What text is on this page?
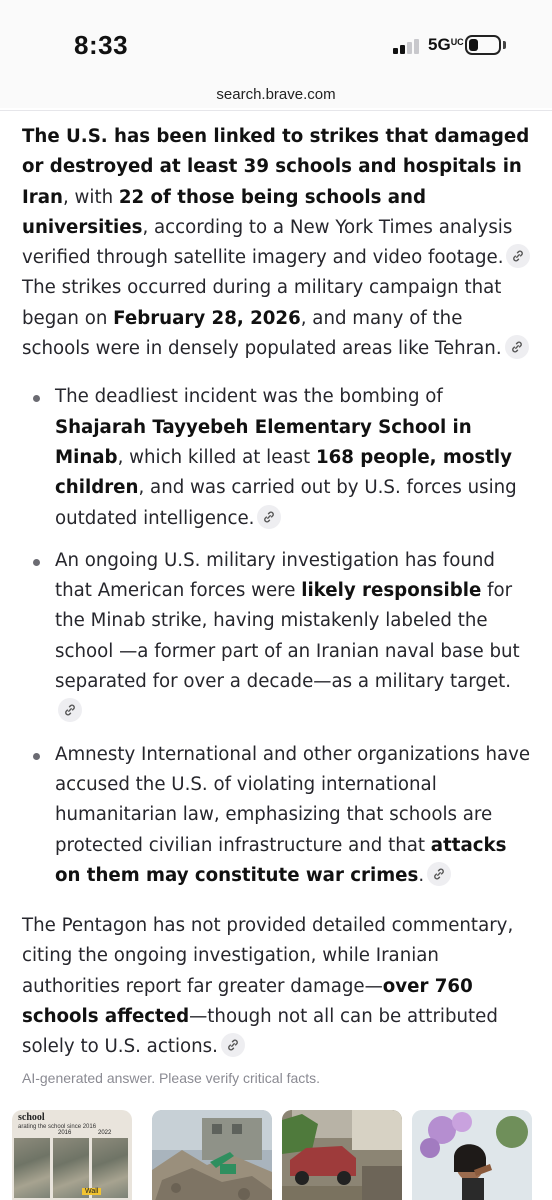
8:33	$5G^{UC}$
search.brave.com

The U.S. has been linked to strikes that damaged or destroyed at least 39 schools and hospitals in Iran, with 22 of those being schools and universities, according to a New York Times analysis verified through satellite imagery and video footage.
The strikes occurred during a military campaign that began on February 28, 2026, and many of the schools were in densely populated areas like Tehran.

The deadliest incident was the bombing of Shajarah Tayyebeh Elementary School in Minab, which killed at least 168 people, mostly children, and was carried out by U.S. forces using outdated intelligence.
An ongoing U.S. military investigation has found that American forces were likely responsible for the Minab strike, having mistakenly labeled the school —a former part of an Iranian naval base but separated for over a decade—as a military target.
Amnesty International and other organizations have accused the U.S. of violating international humanitarian law, emphasizing that schools are protected civilian infrastructure and that attacks on them may constitute war crimes.

The Pentagon has not provided detailed commentary, citing the ongoing investigation, while Iranian authorities report far greater damage—over 760 schools affected—though not all can be attributed solely to U.S. actions.

AI-generated answer. Please verify critical facts.
school
arating the school since 2016
2016	2022
Wall
